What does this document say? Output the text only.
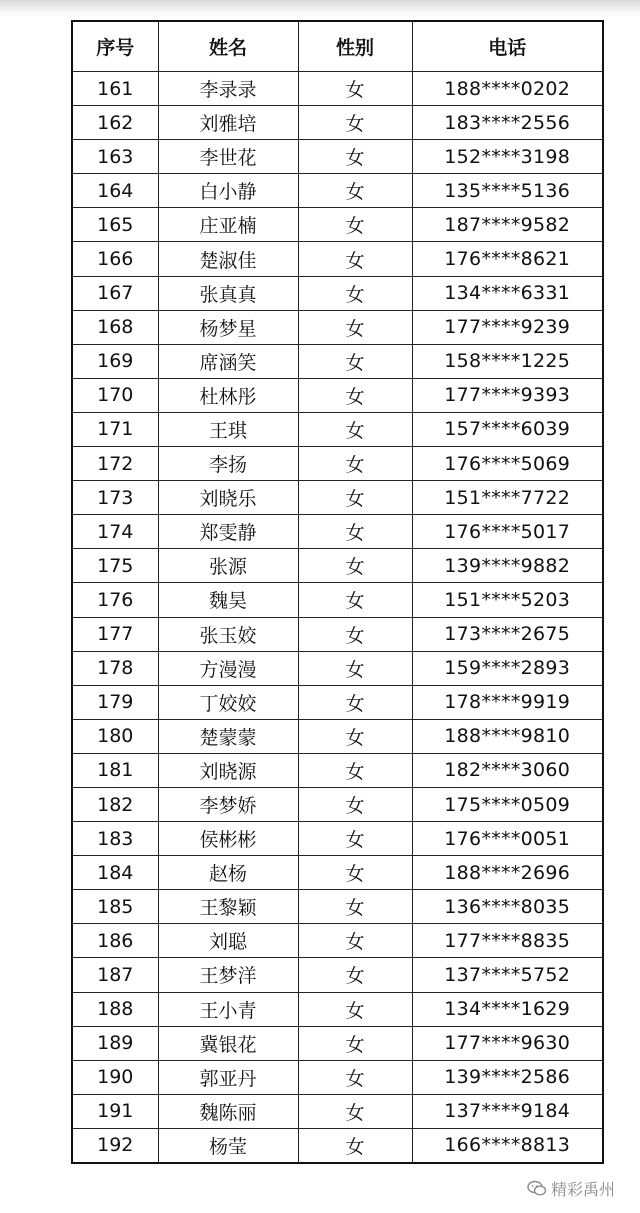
序号	姓名	性别	电话
161	李录录	女	188****0202
162	刘雅培	女	183****2556
163	李世花	女	152****3198
164	白小静	女	135****5136
165	庄亚楠	女	187****9582
166	楚淑佳	女	176****8621
167	张真真	女	134****6331
168	杨梦星	女	177****9239
169	席涵笑	女	158****1225
170	杜林彤	女	177****9393
171	王琪	女	157****6039
172	李扬	女	176****5069
173	刘晓乐	女	151****7722
174	郑雯静	女	176****5017
175	张源	女	139****9882
176	魏昊	女	151****5203
177	张玉姣	女	173****2675
178	方漫漫	女	159****2893
179	丁姣姣	女	178****9919
180	楚蒙蒙	女	188****9810
181	刘晓源	女	182****3060
182	李梦娇	女	175****0509
183	侯彬彬	女	176****0051
184	赵杨	女	188****2696
185	王黎颖	女	136****8035
186	刘聪	女	177****8835
187	王梦洋	女	137****5752
188	王小青	女	134****1629
189	冀银花	女	177****9630
190	郭亚丹	女	139****2586
191	魏陈丽	女	137****9184
192	杨莹	女	166****8813
精彩禹州
